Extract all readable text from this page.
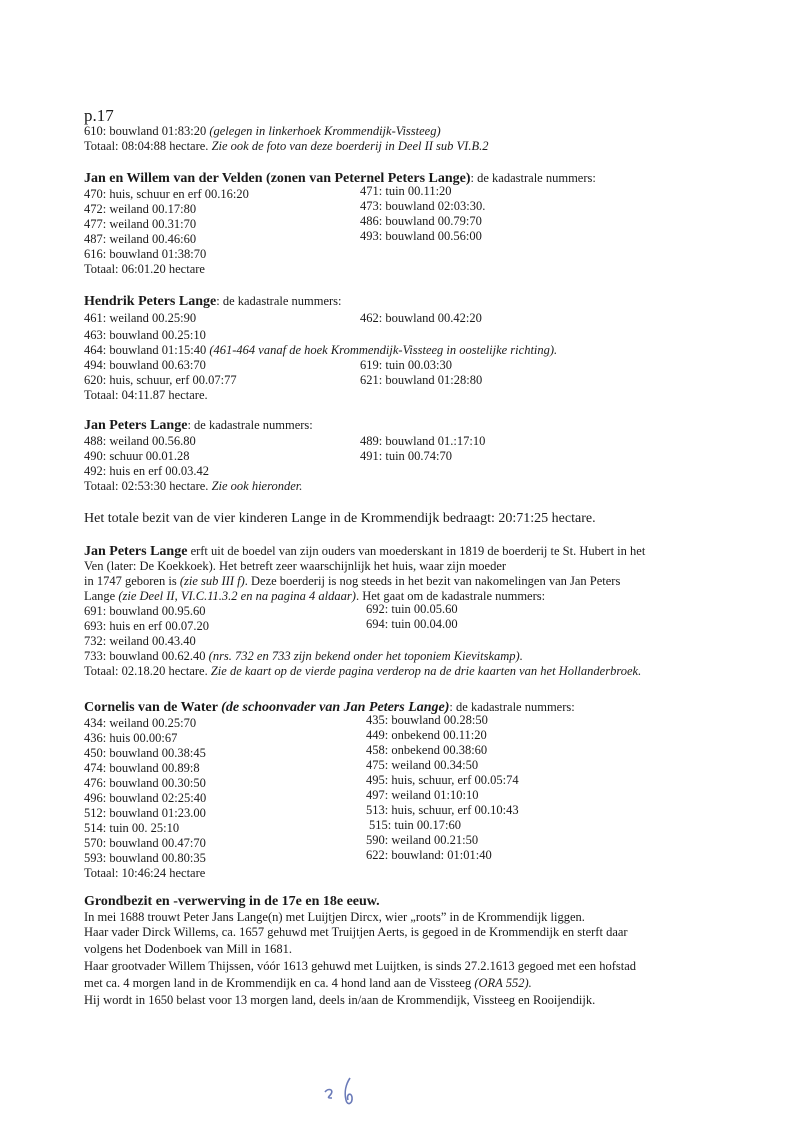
p.17
610: bouwland 01:83:20 (gelegen in linkerhoek Krommendijk-Vissteeg)
Totaal: 08:04:88 hectare. Zie ook de foto van deze boerderij in Deel II sub VI.B.2
Jan en Willem van der Velden (zonen van Peternel Peters Lange): de kadastrale nummers:
470: huis, schuur en erf 00.16:20	471: tuin 00.11:20
472: weiland 00.17:80	473: bouwland 02:03:30.
477: weiland 00.31:70	486: bouwland 00.79:70
487: weiland 00.46:60	493: bouwland 00.56:00
616: bouwland 01:38:70
Totaal: 06:01.20 hectare
Hendrik Peters Lange: de kadastrale nummers:
461: weiland 00.25:90	462: bouwland 00.42:20
463: bouwland 00.25:10
464: bouwland 01:15:40 (461-464 vanaf de hoek Krommendijk-Vissteeg in oostelijke richting).
494: bouwland 00.63:70	619: tuin 00.03:30
620: huis, schuur, erf 00.07:77	621: bouwland 01:28:80
Totaal: 04:11.87 hectare.
Jan Peters Lange: de kadastrale nummers:
488: weiland 00.56.80	489: bouwland 01.:17:10
490: schuur 00.01.28	491: tuin 00.74:70
492: huis en erf 00.03.42
Totaal: 02:53:30 hectare. Zie ook hieronder.
Het totale bezit van de vier kinderen Lange in de Krommendijk bedraagt: 20:71:25 hectare.
Jan Peters Lange erft uit de boedel van zijn ouders van moederskant in 1819 de boerderij te St. Hubert in het
Ven (later: De Koekkoek). Het betreft zeer waarschijnlijk het huis, waar zijn moeder
in 1747 geboren is (zie sub III f). Deze boerderij is nog steeds in het bezit van nakomelingen van Jan Peters
Lange (zie Deel II, VI.C.11.3.2 en na pagina 4 aldaar). Het gaat om de kadastrale nummers:
691: bouwland 00.95.60	692: tuin 00.05.60
693: huis en erf 00.07.20	694: tuin 00.04.00
732: weiland 00.43.40
733: bouwland 00.62.40 (nrs. 732 en 733 zijn bekend onder het toponiem Kievitskamp).
Totaal: 02.18.20 hectare. Zie de kaart op de vierde pagina verderop na de drie kaarten van het Hollanderbroek.
Cornelis van de Water (de schoonvader van Jan Peters Lange): de kadastrale nummers:
434: weiland 00.25:70	435: bouwland 00.28:50
436: huis 00.00:67	449: onbekend 00.11:20
450: bouwland 00.38:45	458: onbekend 00.38:60
474: bouwland 00.89:8	475: weiland 00.34:50
476: bouwland 00.30:50	495: huis, schuur, erf 00.05:74
496: bouwland 02:25:40	497: weiland 01:10:10
512: bouwland 01:23.00	513: huis, schuur, erf 00.10:43
514: tuin 00. 25:10	515: tuin 00.17:60
570: bouwland 00.47:70	590: weiland 00.21:50
593: bouwland 00.80:35	622: bouwland: 01:01:40
Totaal: 10:46:24 hectare
Grondbezit en -verwerving in de 17e en 18e eeuw.
In mei 1688 trouwt Peter Jans Lange(n) met Luijtjen Dircx, wier „roots” in de Krommendijk liggen.
Haar vader Dirck Willems, ca. 1657 gehuwd met Truijtjen Aerts, is gegoed in de Krommendijk en sterft daar
volgens het Dodenboek van Mill in 1681.
Haar grootvader Willem Thijssen, vóór 1613 gehuwd met Luijtken, is sinds 27.2.1613 gegoed met een hofstad
met ca. 4 morgen land in de Krommendijk en ca. 4 hond land aan de Vissteeg (ORA 552).
Hij wordt in 1650 belast voor 13 morgen land, deels in/aan de Krommendijk, Vissteeg en Rooijendijk.
